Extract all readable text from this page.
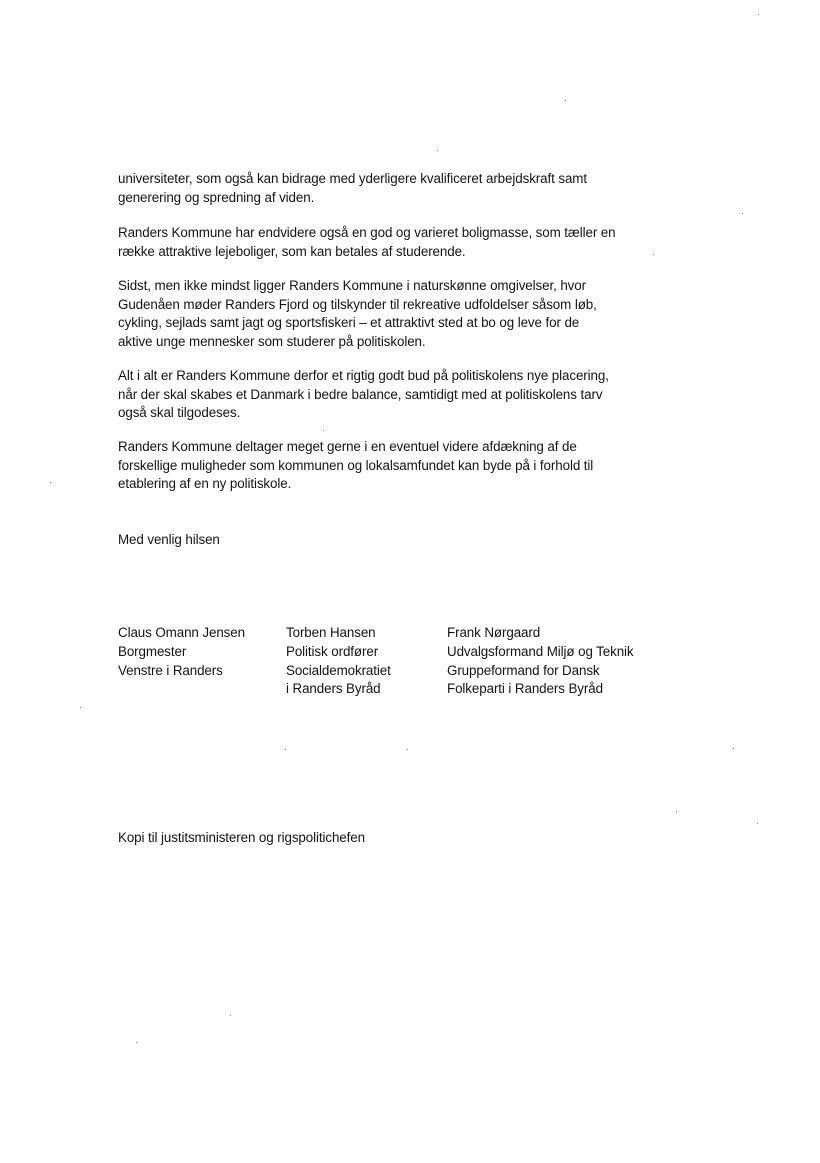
universiteter, som også kan bidrage med yderligere kvalificeret arbejdskraft samt
generering og spredning af viden.

Randers Kommune har endvidere også en god og varieret boligmasse, som tæller en
række attraktive lejeboliger, som kan betales af studerende.

Sidst, men ikke mindst ligger Randers Kommune i naturskønne omgivelser, hvor
Gudenåen møder Randers Fjord og tilskynder til rekreative udfoldelser såsom løb,
cykling, sejlads samt jagt og sportsfiskeri – et attraktivt sted at bo og leve for de
aktive unge mennesker som studerer på politiskolen.

Alt i alt er Randers Kommune derfor et rigtig godt bud på politiskolens nye placering,
når der skal skabes et Danmark i bedre balance, samtidigt med at politiskolens tarv
også skal tilgodeses.

Randers Kommune deltager meget gerne i en eventuel videre afdækning af de
forskellige muligheder som kommunen og lokalsamfundet kan byde på i forhold til
etablering af en ny politiskole.

Med venlig hilsen

Claus Omann Jensen
Borgmester
Venstre i Randers
Torben Hansen
Politisk ordfører
Socialdemokratiet
i Randers Byråd
Frank Nørgaard
Udvalgsformand Miljø og Teknik
Gruppeformand for Dansk
Folkeparti i Randers Byråd

Kopi til justitsministeren og rigspolitichefen
